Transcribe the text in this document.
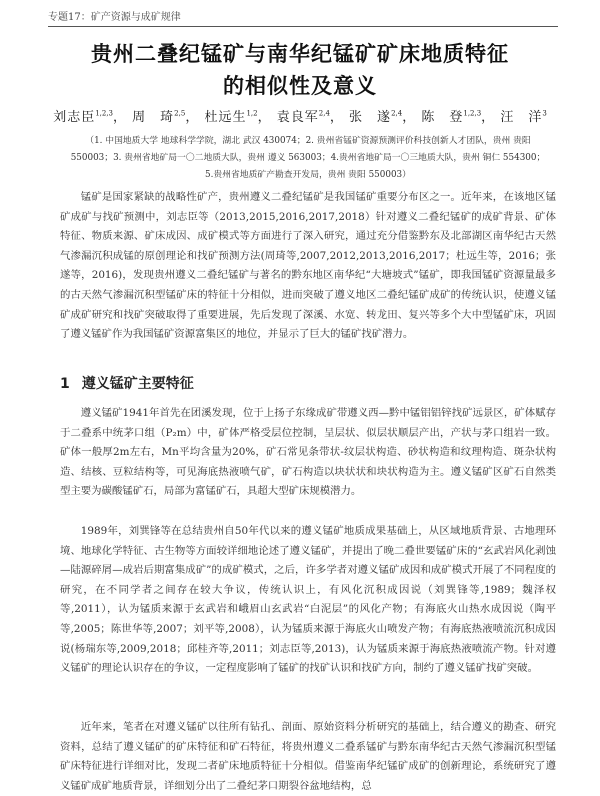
专题17：矿产资源与成矿规律
贵州二叠纪锰矿与南华纪锰矿矿床地质特征
的相似性及意义
刘志臣$^{1,2,3}$， 周　琦$^{2,5}$， 杜远生$^{1,2}$， 袁良军$^{2,4}$， 张　遂$^{2,4}$， 陈　登$^{1,2,3}$， 汪　洋$^3$
（1. 中国地质大学 地球科学学院，湖北 武汉 430074；2. 贵州省锰矿资源预测评价科技创新人才团队，贵州 贵阳
550003；3. 贵州省地矿局一〇二地质大队，贵州 遵义 563003；4.贵州省地矿局一〇三地质大队，贵州 铜仁 554300；
5.贵州省地质矿产勘查开发局，贵州 贵阳 550003）

锰矿是国家紧缺的战略性矿产，贵州遵义二叠纪锰矿是我国锰矿重要分布区之一。近年来，在该地区锰矿成矿与找矿预测中，刘志臣等（2013,2015,2016,2017,2018）针对遵义二叠纪锰矿的成矿背景、矿体特征、物质来源、矿床成因、成矿模式等方面进行了深入研究，通过充分借鉴黔东及北部湖区南华纪古天然气渗漏沉积成锰的原创理论和找矿预测方法(周琦等,2007,2012,2013,2016,2017；杜远生等，2016；张遂等，2016)，发现贵州遵义二叠纪锰矿与著名的黔东地区南华纪“大塘坡式”锰矿，即我国锰矿资源量最多的古天然气渗漏沉积型锰矿床的特征十分相似，进而突破了遵义地区二叠纪锰矿成矿的传统认识，使遵义锰矿成矿研究和找矿突破取得了重要进展，先后发现了深溪、水宽、转龙田、复兴等多个大中型锰矿床，巩固了遵义锰矿作为我国锰矿资源富集区的地位，并显示了巨大的锰矿找矿潜力。

1 遵义锰矿主要特征

遵义锰矿1941年首先在团溪发现，位于上扬子东缘成矿带遵义西—黔中锰铝铝锌找矿远景区，矿体赋存于二叠系中统茅口组（P₂m）中，矿体严格受层位控制，呈层状、似层状顺层产出，产状与茅口组岩一致。矿体一般厚2m左右，Mn平均含量为20%，矿石常见条带状-纹层状构造、砂状构造和纹理构造、斑杂状构造、结核、豆粒结构等，可见海底热液喷气矿，矿石构造以块状状和块状构造为主。遵义锰矿区矿石自然类型主要为碳酸锰矿石，局部为富锰矿石，具超大型矿床规模潜力。

1989年，刘巽锋等在总结贵州自50年代以来的遵义锰矿地质成果基础上，从区域地质背景、古地理环境、地球化学特征、古生物等方面较详细地论述了遵义锰矿，并提出了晚二叠世要锰矿床的“玄武岩风化剥蚀—陆源碎屑—成岩后期富集成矿”的成矿模式，之后，许多学者对遵义锰矿成因和成矿模式开展了不同程度的研究，在不同学者之间存在较大争议，传统认识上，有风化沉积成因说（刘巽锋等,1989；魏泽权等,2011），认为锰质来源于玄武岩和峨眉山玄武岩“白泥层”的风化产物；有海底火山热水成因说（陶平等,2005；陈世华等,2007；刘平等,2008），认为锰质来源于海底火山喷发产物；有海底热液喷流沉积成因说(杨瑞东等,2009,2018；邱桂齐等,2011；刘志臣等,2013)，认为锰质来源于海底热液喷流产物。针对遵义锰矿的理论认识存在的争议，一定程度影响了锰矿的找矿认识和找矿方向，制约了遵义锰矿找矿突破。

近年来，笔者在对遵义锰矿以往所有钻孔、剖面、原始资料分析研究的基础上，结合遵义的勘查、研究资料，总结了遵义锰矿的矿床特征和矿石特征，将贵州遵义二叠系锰矿与黔东南华纪古天然气渗漏沉积型锰矿床特征进行详细对比，发现二者矿床地质特征十分相似。借鉴南华纪锰矿成矿的创新理论，系统研究了遵义锰矿成矿地质背景，详细划分出了二叠纪茅口期裂谷盆地结构，总
